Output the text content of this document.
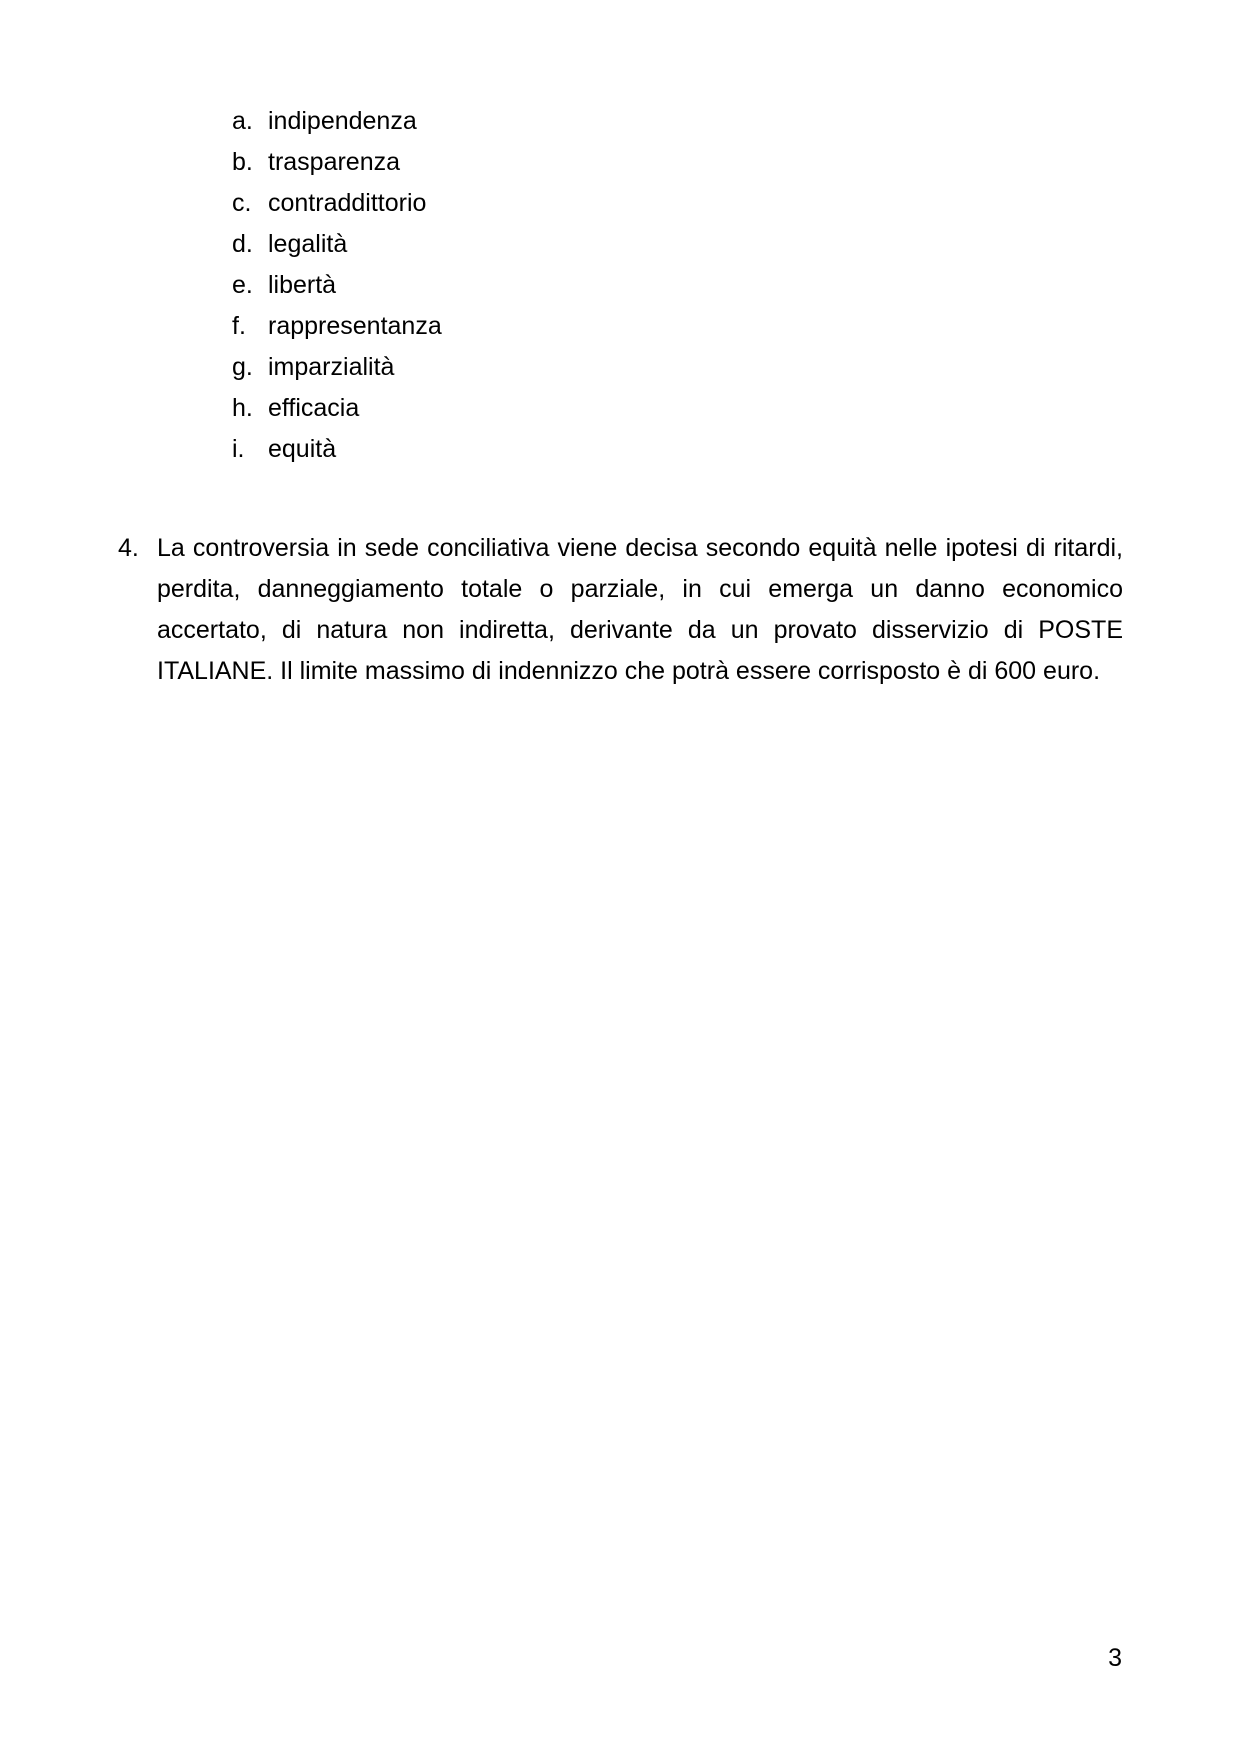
a. indipendenza
b. trasparenza
c. contraddittorio
d. legalità
e. libertà
f. rappresentanza
g. imparzialità
h. efficacia
i. equità
4. La controversia in sede conciliativa viene decisa secondo equità nelle ipotesi di ritardi, perdita, danneggiamento totale o parziale, in cui emerga un danno economico accertato, di natura non indiretta, derivante da un provato disservizio di POSTE ITALIANE. Il limite massimo di indennizzo che potrà essere corrisposto è di 600 euro.
3
